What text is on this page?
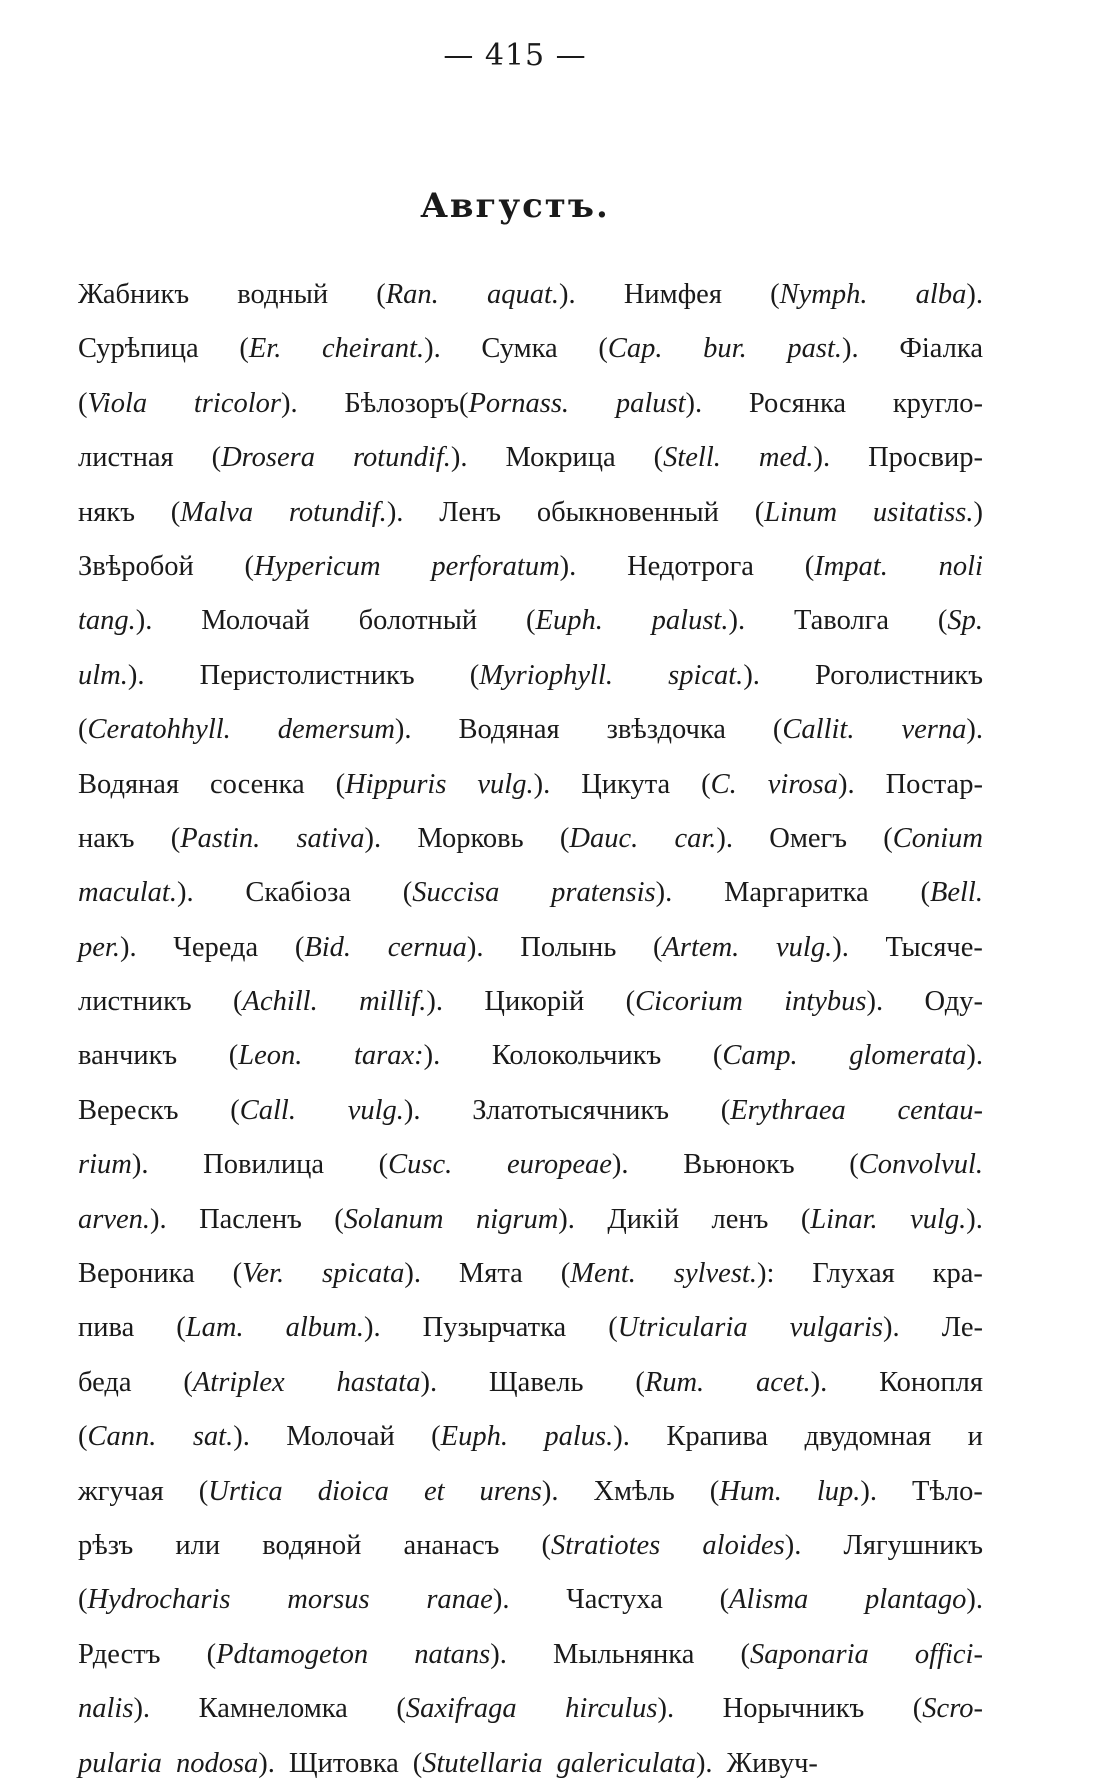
— 415 —
Августъ.
Жабникъ водный (Ran. aquat.). Нимфея (Nymph. alba).
Сурѣпица (Er. cheirant.). Сумка (Cap. bur. past.). Фіалка
(Viola tricolor). Бѣлозоръ(Pornass. palust). Росянка кругло-
листная (Drosera rotundif.). Мокрица (Stell. med.). Просвир-
някъ (Malva rotundif.). Ленъ обыкновенный (Linum usitatiss.)
Звѣробой (Hypericum perforatum). Недотрога (Impat. noli
tang.). Молочай болотный (Euph. palust.). Таволга (Sp.
ulm.). Перистолистникъ (Myriophyll. spicat.). Роголистникъ
(Ceratohhyll. demersum). Водяная звѣздочка (Callit. verna).
Водяная сосенка (Hippuris vulg.). Цикута (C. virosa). Постар-
накъ (Pastin. sativa). Морковь (Dauc. car.). Омегъ (Conium
maculat.). Скабіоза (Succisa pratensis). Маргаритка (Bell.
per.). Череда (Bid. cernua). Полынь (Artem. vulg.). Тысяче-
листникъ (Achill. millif.). Цикорій (Cicorium intybus). Оду-
ванчикъ (Leon. tarax:). Колокольчикъ (Camp. glomerata).
Верескъ (Call. vulg.). Златотысячникъ (Erythraea centau-
rium). Повилица (Cusc. europeae). Вьюнокъ (Convolvul.
arven.). Пасленъ (Solanum nigrum). Дикій ленъ (Linar. vulg.).
Вероника (Ver. spicata). Мята (Ment. sylvest.): Глухая кра-
пива (Lam. album.). Пузырчатка (Utricularia vulgaris). Ле-
беда (Atriplex hastata). Щавель (Rum. acet.). Конопля
(Cann. sat.). Молочай (Euph. palus.). Крапива двудомная и
жгучая (Urtica dioica et urens). Хмѣль (Hum. lup.). Тѣло-
рѣзъ или водяной ананасъ (Stratiotes aloides). Лягушникъ
(Hydrocharis morsus ranae). Частуха (Alisma plantago).
Рдестъ (Pdtamogeton natans). Мыльнянка (Saponaria offici-
nalis). Камнеломка (Saxifraga hirculus). Норычникъ (Scro-
pularia nodosa). Щитовка (Stutellaria galericulata). Живуч-
